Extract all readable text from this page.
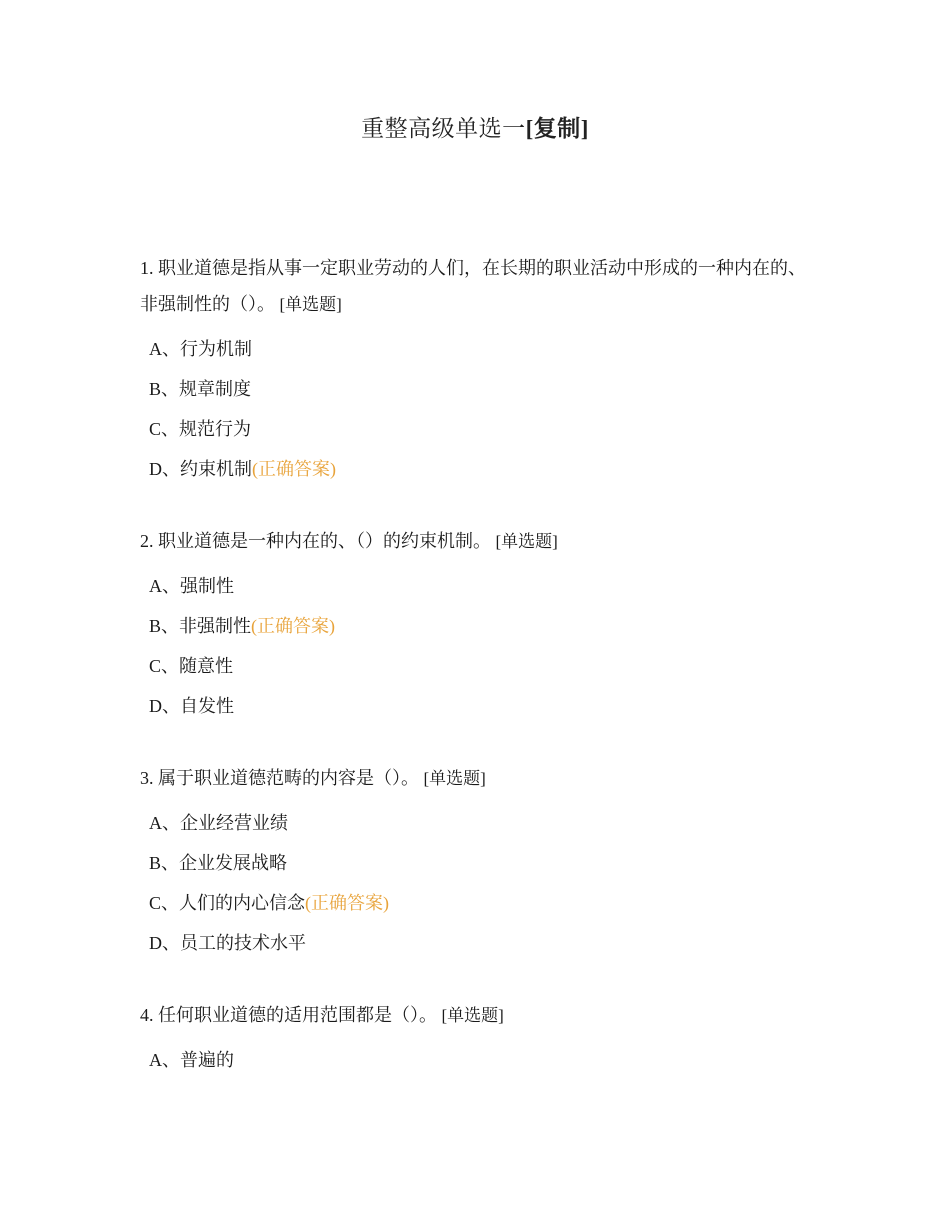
重整高级单选一[复制]
1. 职业道德是指从事一定职业劳动的人们，在长期的职业活动中形成的一种内在的、非强制性的（）。 [单选题]
A、行为机制
B、规章制度
C、规范行为
D、约束机制(正确答案)
2. 职业道德是一种内在的、（）的约束机制。 [单选题]
A、强制性
B、非强制性(正确答案)
C、随意性
D、自发性
3. 属于职业道德范畴的内容是（）。 [单选题]
A、企业经营业绩
B、企业发展战略
C、人们的内心信念(正确答案)
D、员工的技术水平
4. 任何职业道德的适用范围都是（）。 [单选题]
A、普遍的
